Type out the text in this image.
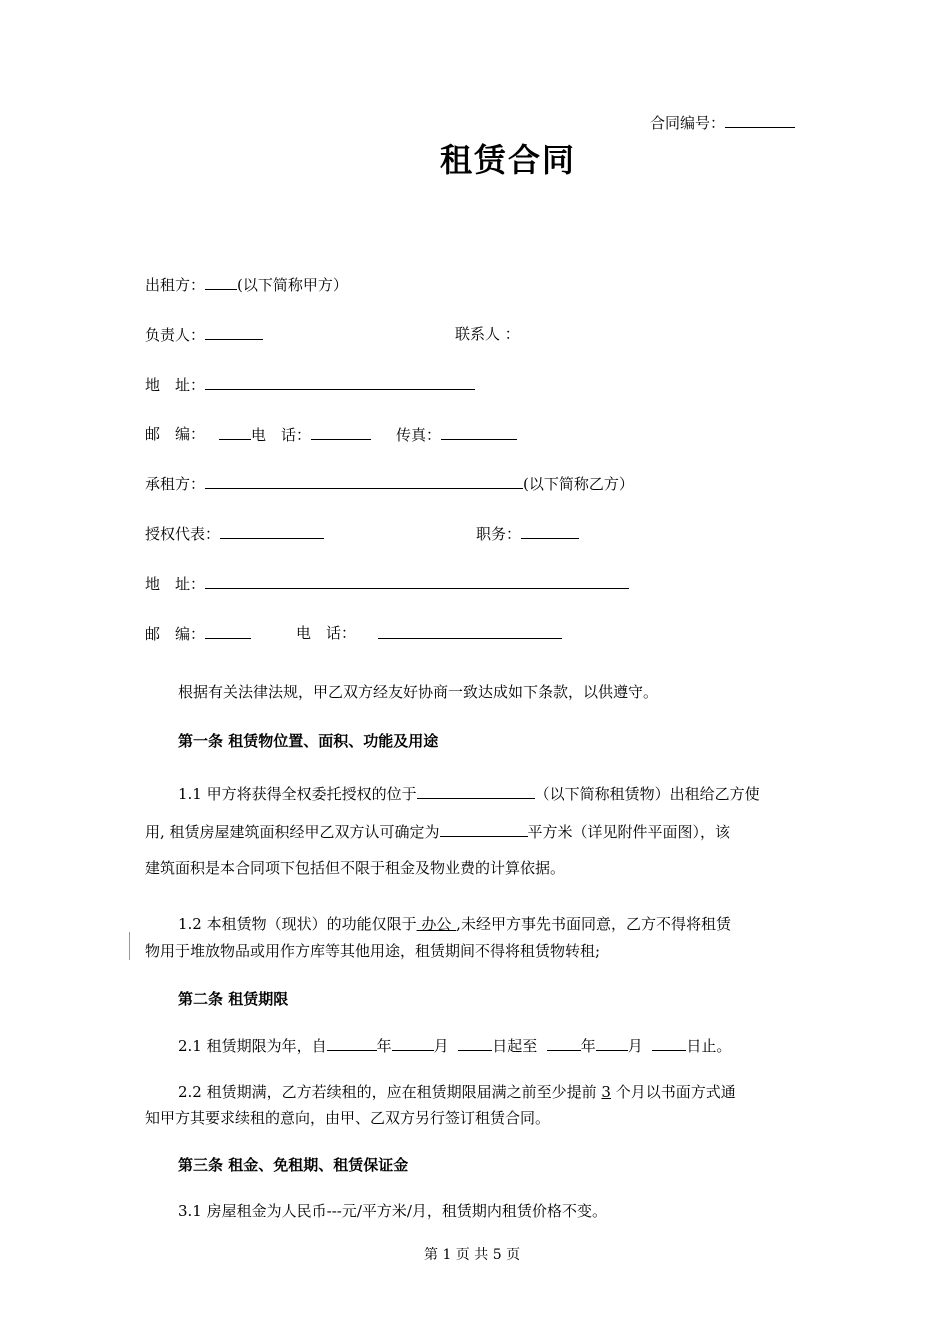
合同编号：
租赁合同
出租方： (以下简称甲方）
负责人：	联系人 ：
地　址：
邮　编：	电　话：	传真：
承租方：	(以下简称乙方）
授权代表：	职务：
地　址：
邮　编：	电　话：
根据有关法律法规，甲乙双方经友好协商一致达成如下条款，以供遵守。
第一条 租赁物位置、面积、功能及用途
1.1 甲方将获得全权委托授权的位于	（以下简称租赁物）出租给乙方使
用, 租赁房屋建筑面积经甲乙双方认可确定为	平方米（详见附件平面图），该
建筑面积是本合同项下包括但不限于租金及物业费的计算依据。
1.2 本租赁物（现状）的功能仅限于 办公 ,未经甲方事先书面同意，乙方不得将租赁
物用于堆放物品或用作方库等其他用途，租赁期间不得将租赁物转租;
第二条 租赁期限
2.1 租赁期限为年，自	年	月	日起至	年 月	日止。
2.2 租赁期满，乙方若续租的，应在租赁期限届满之前至少提前 3 个月以书面方式通
知甲方其要求续租的意向，由甲、乙双方另行签订租赁合同。
第三条 租金、免租期、租赁保证金
3.1 房屋租金为人民币---元/平方米/月，租赁期内租赁价格不变。
第 1 页 共 5 页
